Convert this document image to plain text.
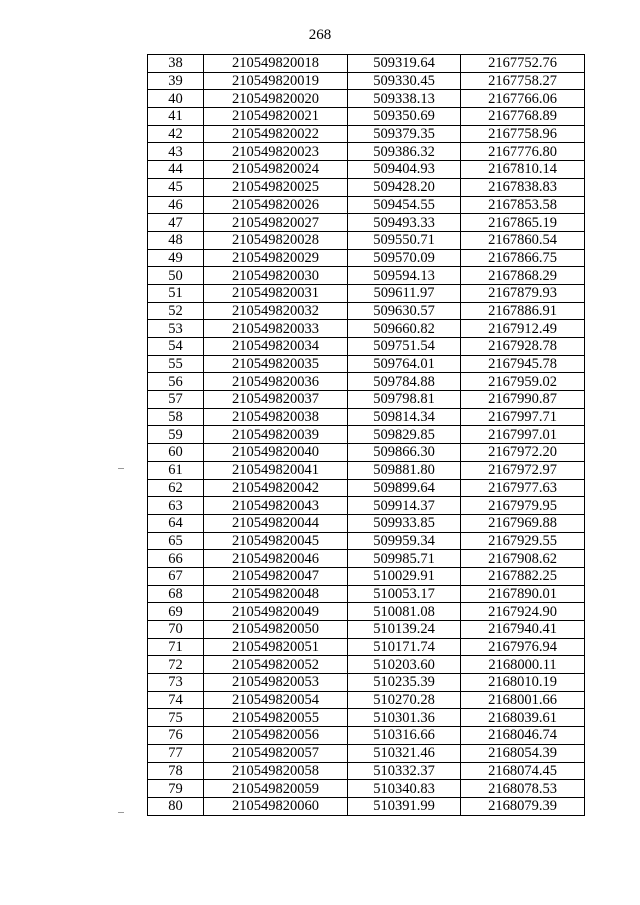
268
38	210549820018	509319.64	2167752.76
39	210549820019	509330.45	2167758.27
40	210549820020	509338.13	2167766.06
41	210549820021	509350.69	2167768.89
42	210549820022	509379.35	2167758.96
43	210549820023	509386.32	2167776.80
44	210549820024	509404.93	2167810.14
45	210549820025	509428.20	2167838.83
46	210549820026	509454.55	2167853.58
47	210549820027	509493.33	2167865.19
48	210549820028	509550.71	2167860.54
49	210549820029	509570.09	2167866.75
50	210549820030	509594.13	2167868.29
51	210549820031	509611.97	2167879.93
52	210549820032	509630.57	2167886.91
53	210549820033	509660.82	2167912.49
54	210549820034	509751.54	2167928.78
55	210549820035	509764.01	2167945.78
56	210549820036	509784.88	2167959.02
57	210549820037	509798.81	2167990.87
58	210549820038	509814.34	2167997.71
59	210549820039	509829.85	2167997.01
60	210549820040	509866.30	2167972.20
61	210549820041	509881.80	2167972.97
62	210549820042	509899.64	2167977.63
63	210549820043	509914.37	2167979.95
64	210549820044	509933.85	2167969.88
65	210549820045	509959.34	2167929.55
66	210549820046	509985.71	2167908.62
67	210549820047	510029.91	2167882.25
68	210549820048	510053.17	2167890.01
69	210549820049	510081.08	2167924.90
70	210549820050	510139.24	2167940.41
71	210549820051	510171.74	2167976.94
72	210549820052	510203.60	2168000.11
73	210549820053	510235.39	2168010.19
74	210549820054	510270.28	2168001.66
75	210549820055	510301.36	2168039.61
76	210549820056	510316.66	2168046.74
77	210549820057	510321.46	2168054.39
78	210549820058	510332.37	2168074.45
79	210549820059	510340.83	2168078.53
80	210549820060	510391.99	2168079.39
